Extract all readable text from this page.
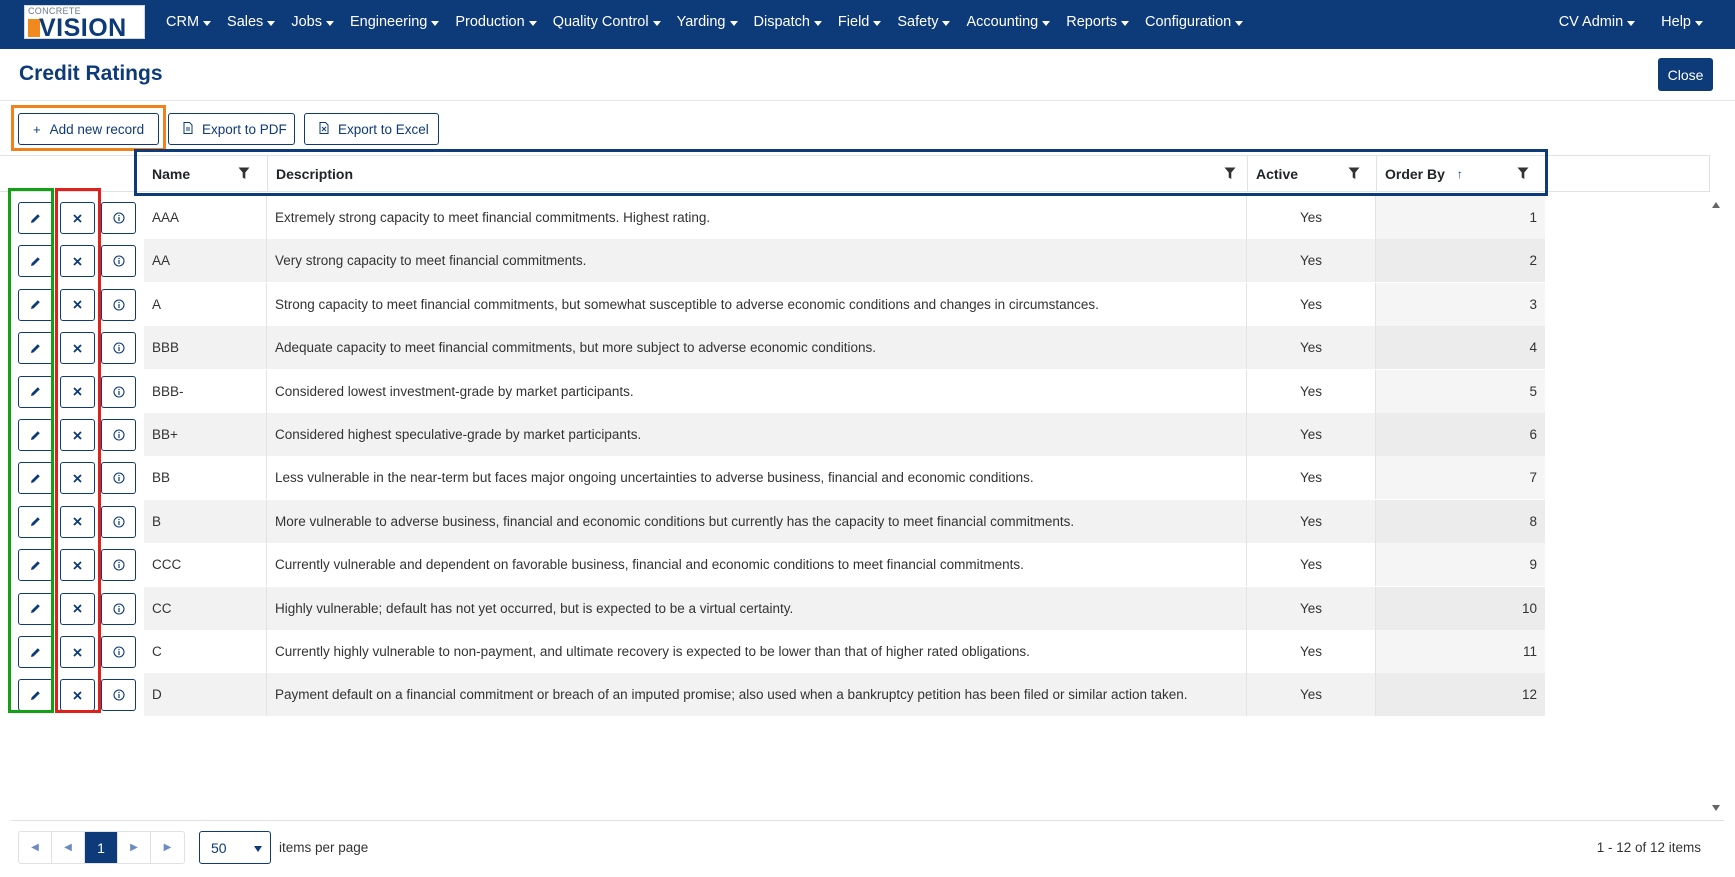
CONCRETE
VISION	CRM Sales Jobs Engineering Production Quality Control Yarding Dispatch Field Safety Accounting Reports Configuration	CV Admin	Help
Credit Ratings	Close
+ Add new record	Export to PDF	Export to Excel
Name	Description	Active	Order By ↑
AAA	Extremely strong capacity to meet financial commitments. Highest rating.	Yes	1
AA	Very strong capacity to meet financial commitments.	Yes	2
A	Strong capacity to meet financial commitments, but somewhat susceptible to adverse economic conditions and changes in circumstances.	Yes	3
BBB	Adequate capacity to meet financial commitments, but more subject to adverse economic conditions.	Yes	4
BBB-	Considered lowest investment-grade by market participants.	Yes	5
BB+	Considered highest speculative-grade by market participants.	Yes	6
BB	Less vulnerable in the near-term but faces major ongoing uncertainties to adverse business, financial and economic conditions.	Yes	7
B	More vulnerable to adverse business, financial and economic conditions but currently has the capacity to meet financial commitments.	Yes	8
CCC	Currently vulnerable and dependent on favorable business, financial and economic conditions to meet financial commitments.	Yes	9
CC	Highly vulnerable; default has not yet occurred, but is expected to be a virtual certainty.	Yes	10
C	Currently highly vulnerable to non-payment, and ultimate recovery is expected to be lower than that of higher rated obligations.	Yes	11
D	Payment default on a financial commitment or breach of an imputed promise; also used when a bankruptcy petition has been filed or similar action taken.	Yes	12
◀​	◀	1	▶	▶​	50	items per page	1 - 12 of 12 items
